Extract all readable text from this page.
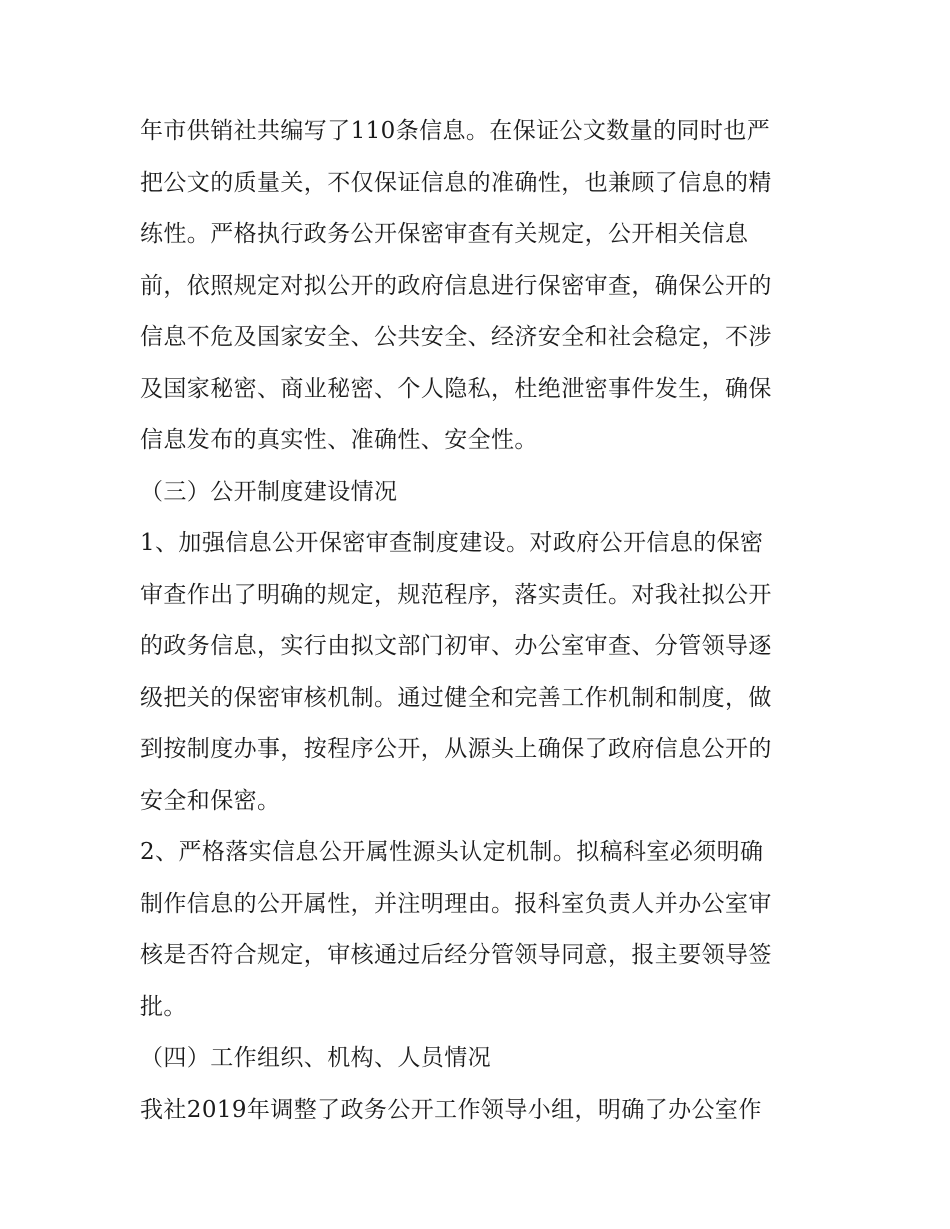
年市供销社共编写了110条信息。在保证公文数量的同时也严
把公文的质量关，不仅保证信息的准确性，也兼顾了信息的精
练性。严格执行政务公开保密审查有关规定，公开相关信息
前，依照规定对拟公开的政府信息进行保密审查，确保公开的
信息不危及国家安全、公共安全、经济安全和社会稳定，不涉
及国家秘密、商业秘密、个人隐私，杜绝泄密事件发生，确保
信息发布的真实性、准确性、安全性。
（三）公开制度建设情况
1、加强信息公开保密审查制度建设。对政府公开信息的保密
审查作出了明确的规定，规范程序，落实责任。对我社拟公开
的政务信息，实行由拟文部门初审、办公室审查、分管领导逐
级把关的保密审核机制。通过健全和完善工作机制和制度，做
到按制度办事，按程序公开，从源头上确保了政府信息公开的
安全和保密。
2、严格落实信息公开属性源头认定机制。拟稿科室必须明确
制作信息的公开属性，并注明理由。报科室负责人并办公室审
核是否符合规定，审核通过后经分管领导同意，报主要领导签
批。
（四）工作组织、机构、人员情况
我社2019年调整了政务公开工作领导小组，明确了办公室作
